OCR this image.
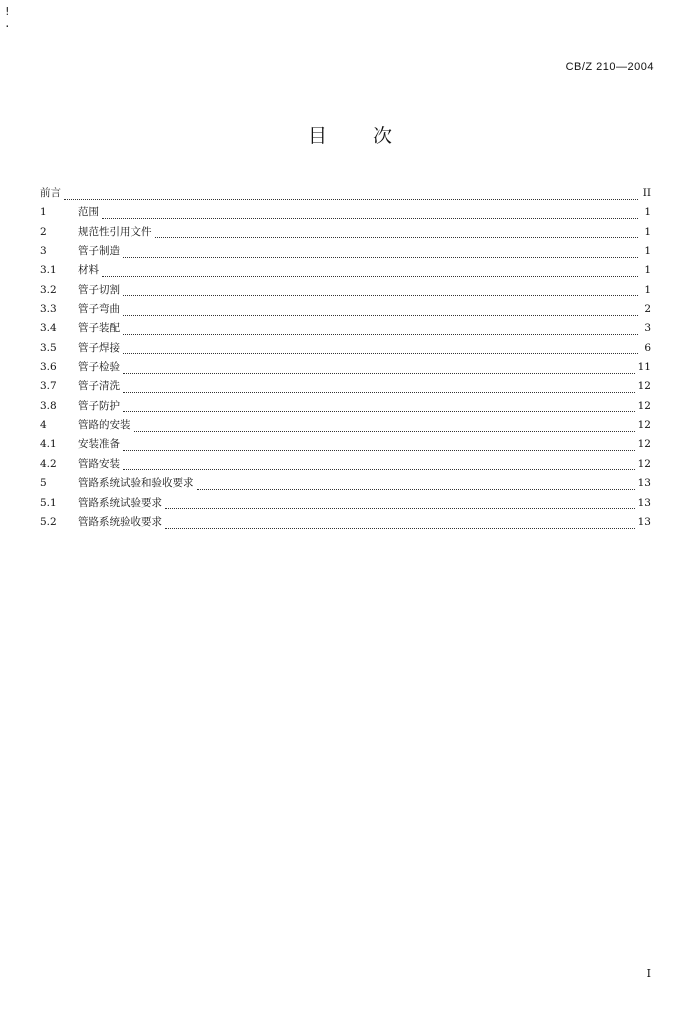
!
.
CB/Z 210—2004
目 次
前言	II
1	范围	1
2	规范性引用文件	1
3	管子制造	1
3.1	材料	1
3.2	管子切割	1
3.3	管子弯曲	2
3.4	管子装配	3
3.5	管子焊接	6
3.6	管子检验	11
3.7	管子清洗	12
3.8	管子防护	12
4	管路的安装	12
4.1	安装准备	12
4.2	管路安装	12
5	管路系统试验和验收要求	13
5.1	管路系统试验要求	13
5.2	管路系统验收要求	13
I
